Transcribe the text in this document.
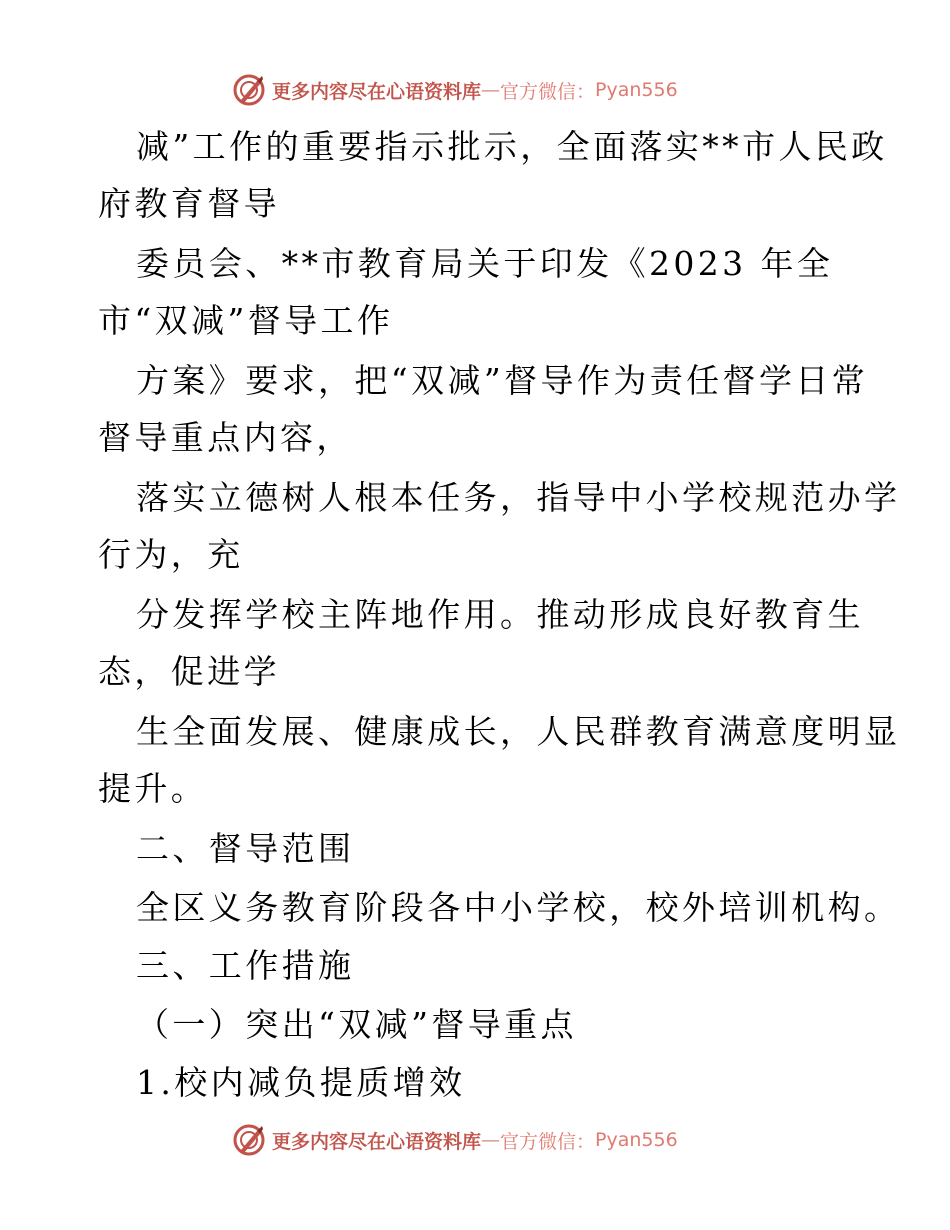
更多内容尽在心语资料库 — 官方微信： Pyan556
减”工作的重要指示批示，全面落实**市人民政
府教育督导
委员会、**市教育局关于印发《2023 年全
市“双减”督导工作
方案》要求，把“双减”督导作为责任督学日常
督导重点内容，
落实立德树人根本任务，指导中小学校规范办学
行为，充
分发挥学校主阵地作用。推动形成良好教育生
态，促进学
生全面发展、健康成长，人民群教育满意度明显
提升。
二、督导范围
全区义务教育阶段各中小学校，校外培训机构。
三、工作措施
（一）突出“双减”督导重点
1.校内减负提质增效
更多内容尽在心语资料库 — 官方微信： Pyan556
